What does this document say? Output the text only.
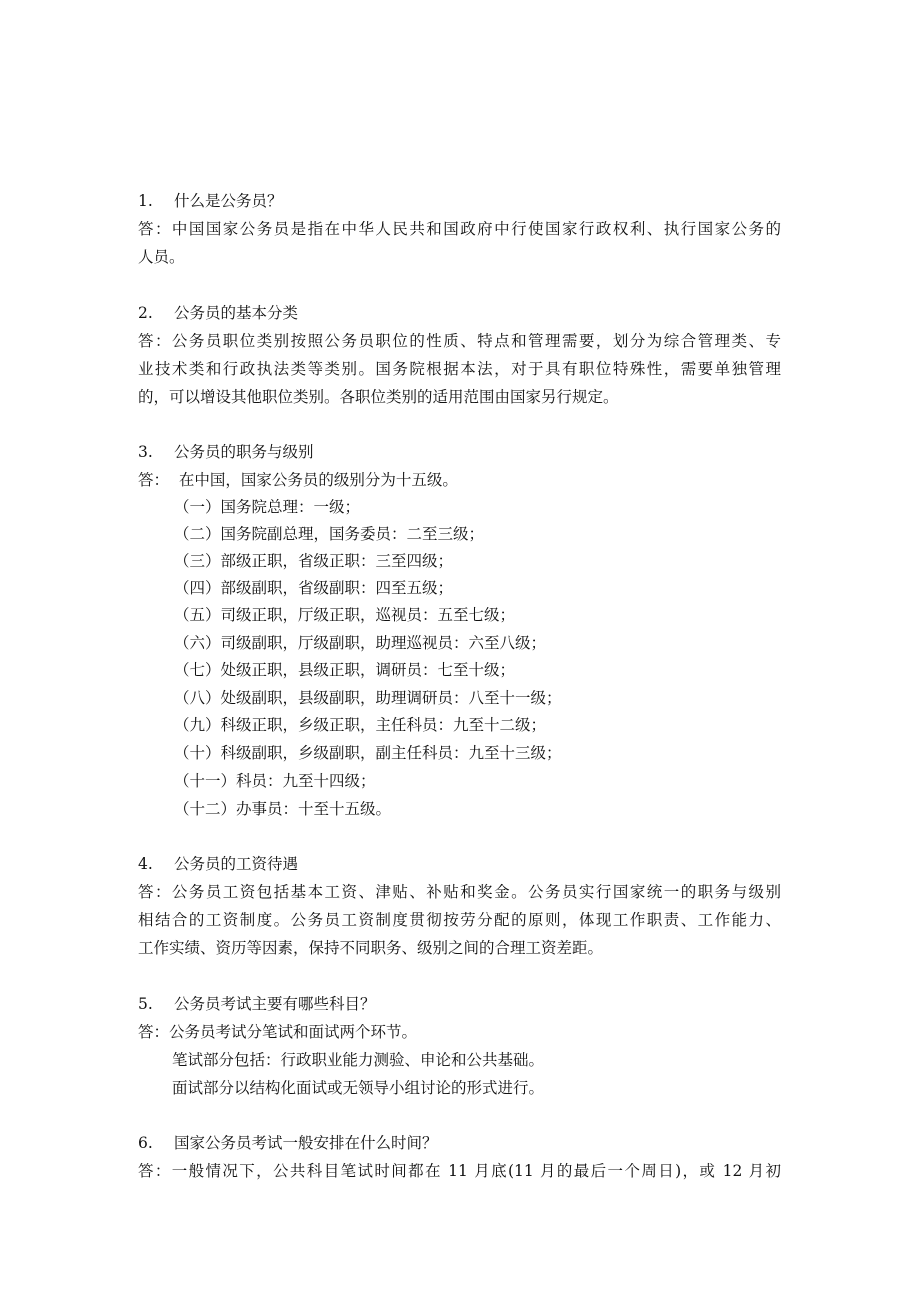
1. 什么是公务员？
答：中国国家公务员是指在中华人民共和国政府中行使国家行政权利、执行国家公务的
人员。
2. 公务员的基本分类
答：公务员职位类别按照公务员职位的性质、特点和管理需要，划分为综合管理类、专
业技术类和行政执法类等类别。国务院根据本法，对于具有职位特殊性，需要单独管理
的，可以增设其他职位类别。各职位类别的适用范围由国家另行规定。
3. 公务员的职务与级别
答：  在中国，国家公务员的级别分为十五级。
（一）国务院总理：一级；
（二）国务院副总理，国务委员：二至三级；
（三）部级正职，省级正职：三至四级；
（四）部级副职，省级副职：四至五级；
（五）司级正职，厅级正职，巡视员：五至七级；
（六）司级副职，厅级副职，助理巡视员：六至八级；
（七）处级正职，县级正职，调研员：七至十级；
（八）处级副职，县级副职，助理调研员：八至十一级；
（九）科级正职，乡级正职，主任科员：九至十二级；
（十）科级副职，乡级副职，副主任科员：九至十三级；
（十一）科员：九至十四级；
（十二）办事员：十至十五级。
4. 公务员的工资待遇
答：公务员工资包括基本工资、津贴、补贴和奖金。公务员实行国家统一的职务与级别
相结合的工资制度。公务员工资制度贯彻按劳分配的原则，体现工作职责、工作能力、
工作实绩、资历等因素，保持不同职务、级别之间的合理工资差距。
5. 公务员考试主要有哪些科目？
答：公务员考试分笔试和面试两个环节。
笔试部分包括：行政职业能力测验、申论和公共基础。
面试部分以结构化面试或无领导小组讨论的形式进行。
6. 国家公务员考试一般安排在什么时间？
答：一般情况下，公共科目笔试时间都在 11 月底(11 月的最后一个周日)，或 12 月初
